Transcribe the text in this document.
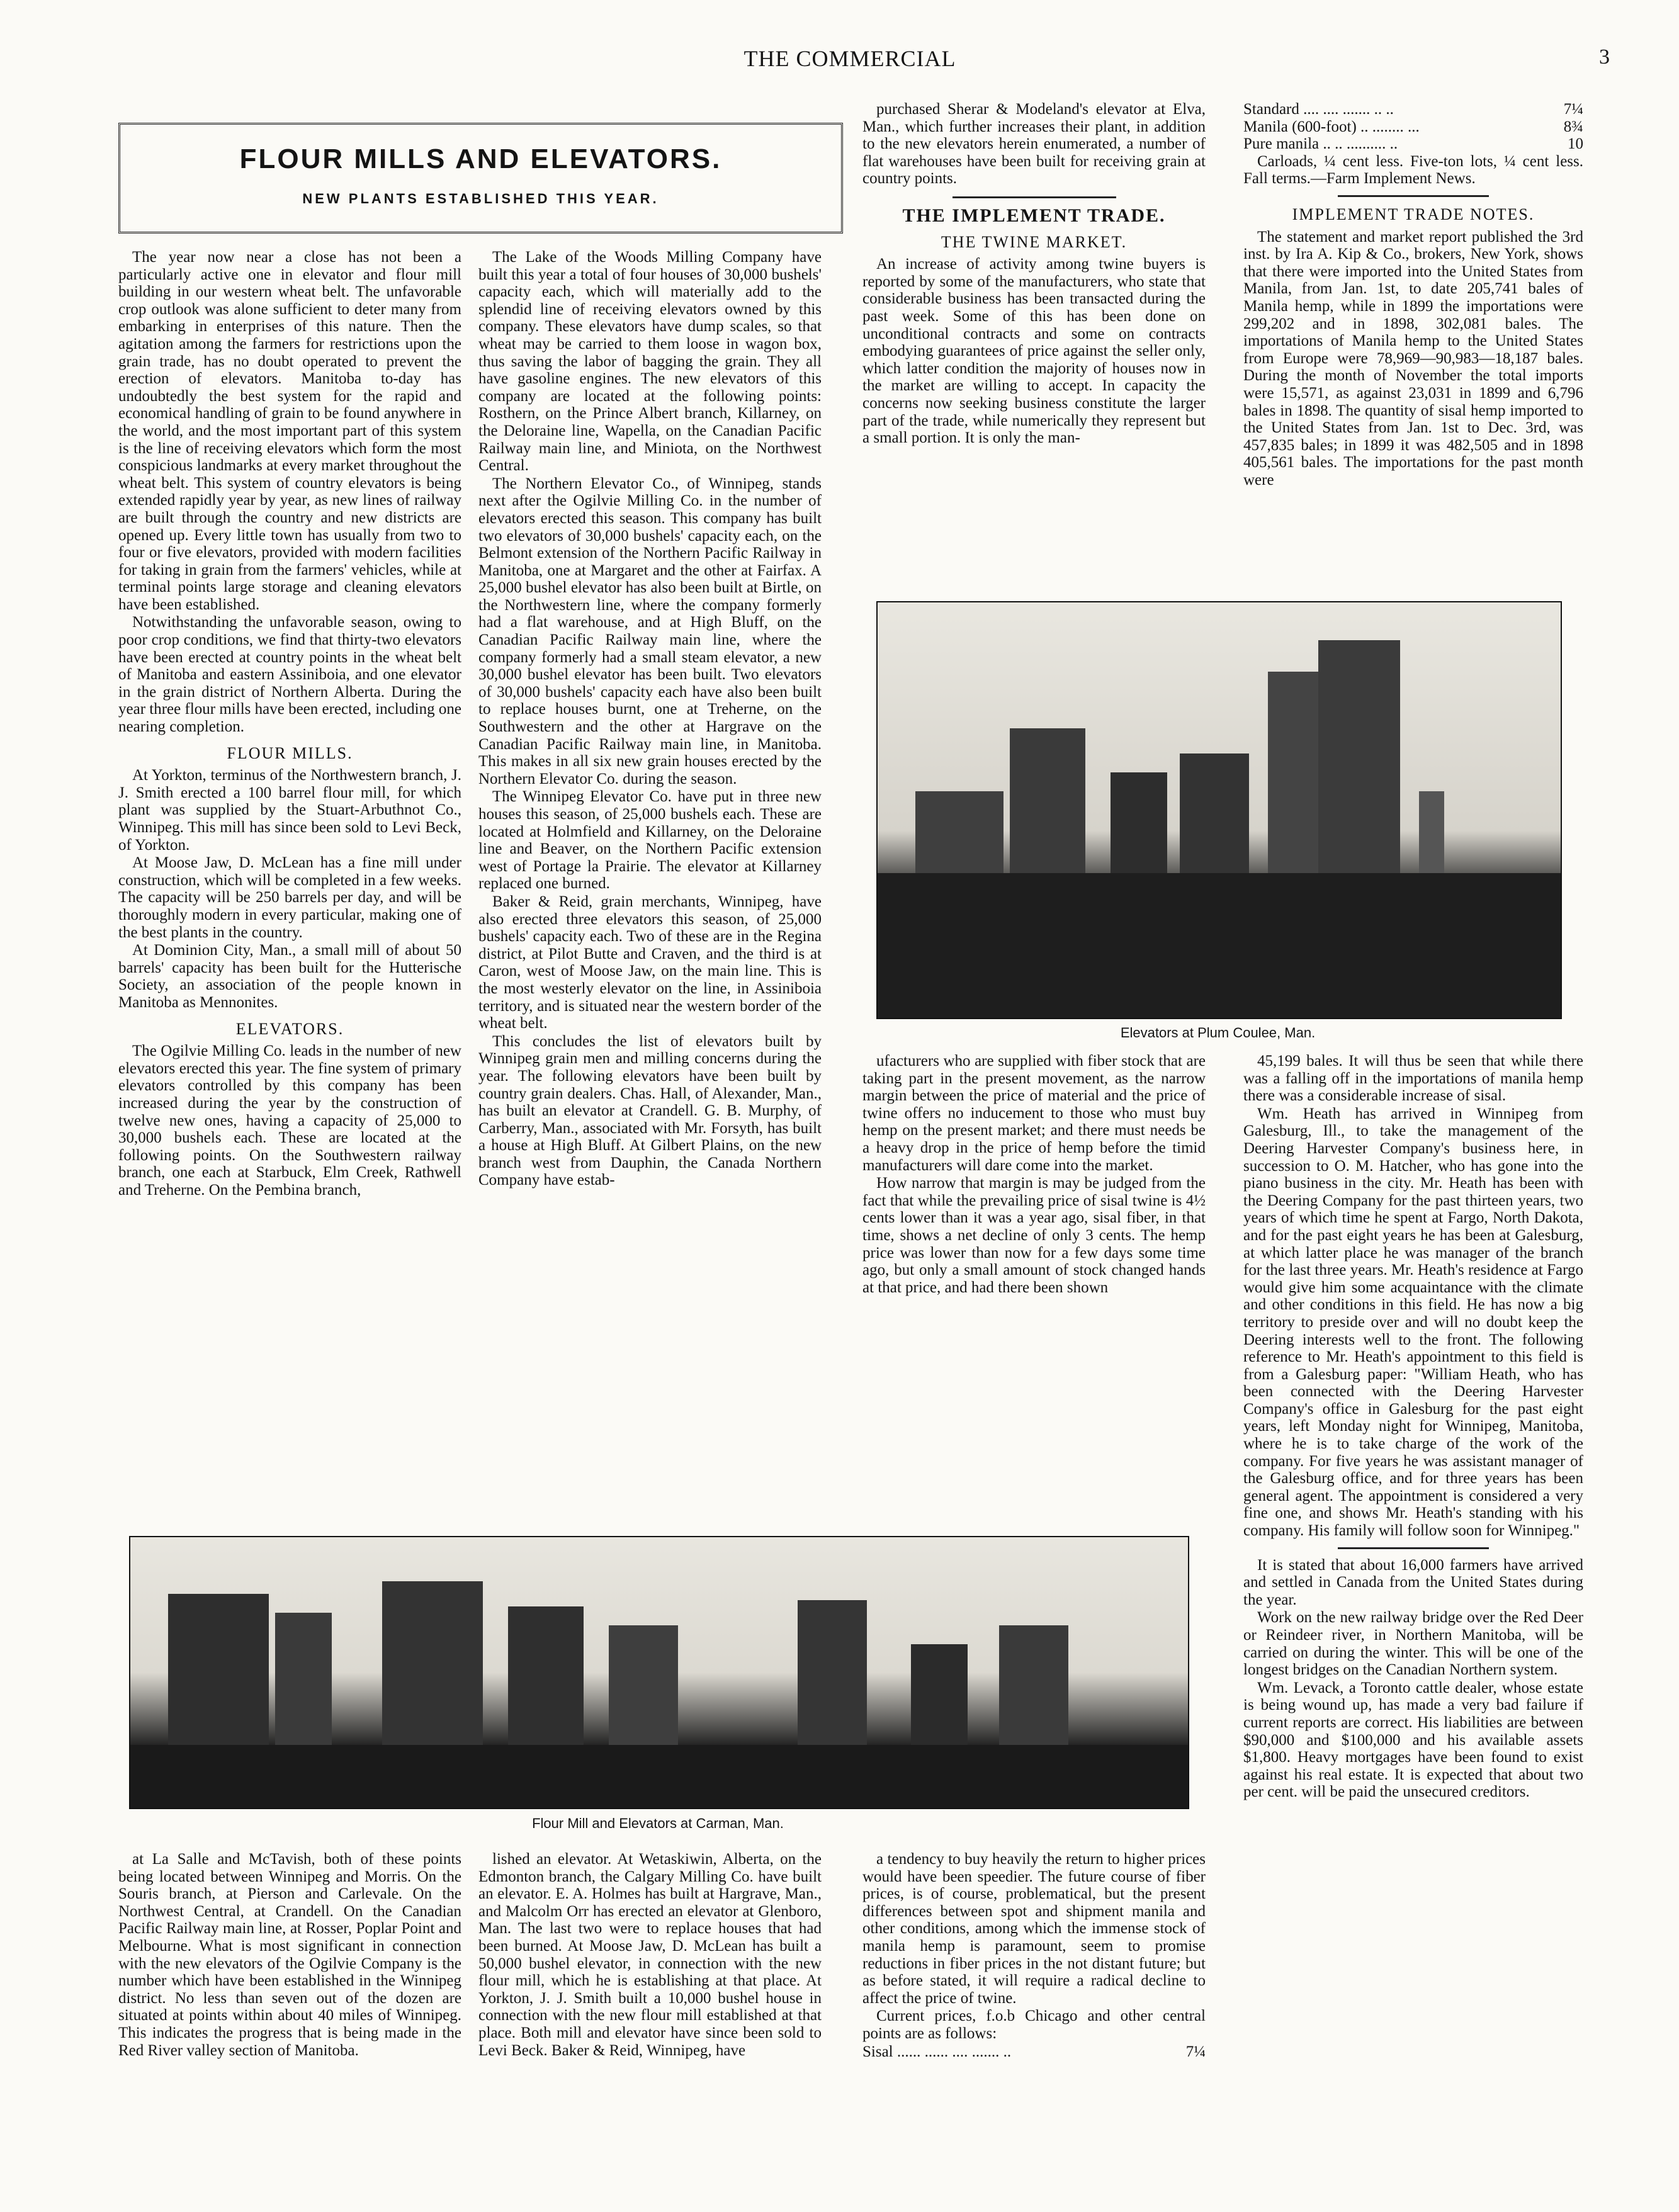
THE COMMERCIAL	3
FLOUR MILLS AND ELEVATORS.
NEW PLANTS ESTABLISHED THIS YEAR.

The year now near a close has not been a particularly active one in elevator and flour mill building in our western wheat belt. The unfavorable crop outlook was alone sufficient to deter many from embarking in enterprises of this nature. Then the agitation among the farmers for restrictions upon the grain trade, has no doubt operated to prevent the erection of elevators. Manitoba to-day has undoubtedly the best system for the rapid and economical handling of grain to be found anywhere in the world, and the most important part of this system is the line of receiving elevators which form the most conspicious landmarks at every market throughout the wheat belt. This system of country elevators is being extended rapidly year by year, as new lines of railway are built through the country and new districts are opened up. Every little town has usually from two to four or five elevators, provided with modern facilities for taking in grain from the farmers' vehicles, while at terminal points large storage and cleaning elevators have been established.

Notwithstanding the unfavorable season, owing to poor crop conditions, we find that thirty-two elevators have been erected at country points in the wheat belt of Manitoba and eastern Assiniboia, and one elevator in the grain district of Northern Alberta. During the year three flour mills have been erected, including one nearing completion.

FLOUR MILLS.

At Yorkton, terminus of the Northwestern branch, J. J. Smith erected a 100 barrel flour mill, for which plant was supplied by the Stuart-Arbuthnot Co., Winnipeg. This mill has since been sold to Levi Beck, of Yorkton.

At Moose Jaw, D. McLean has a fine mill under construction, which will be completed in a few weeks. The capacity will be 250 barrels per day, and will be thoroughly modern in every particular, making one of the best plants in the country.

At Dominion City, Man., a small mill of about 50 barrels' capacity has been built for the Hutterische Society, an association of the people known in Manitoba as Mennonites.

ELEVATORS.

The Ogilvie Milling Co. leads in the number of new elevators erected this year. The fine system of primary elevators controlled by this company has been increased during the year by the construction of twelve new ones, having a capacity of 25,000 to 30,000 bushels each. These are located at the following points. On the Southwestern railway branch, one each at Starbuck, Elm Creek, Rathwell and Treherne. On the Pembina branch,

The Lake of the Woods Milling Company have built this year a total of four houses of 30,000 bushels' capacity each, which will materially add to the splendid line of receiving elevators owned by this company. These elevators have dump scales, so that wheat may be carried to them loose in wagon box, thus saving the labor of bagging the grain. They all have gasoline engines. The new elevators of this company are located at the following points: Rosthern, on the Prince Albert branch, Killarney, on the Deloraine line, Wapella, on the Canadian Pacific Railway main line, and Miniota, on the Northwest Central.

The Northern Elevator Co., of Winnipeg, stands next after the Ogilvie Milling Co. in the number of elevators erected this season. This company has built two elevators of 30,000 bushels' capacity each, on the Belmont extension of the Northern Pacific Railway in Manitoba, one at Margaret and the other at Fairfax. A 25,000 bushel elevator has also been built at Birtle, on the Northwestern line, where the company formerly had a flat warehouse, and at High Bluff, on the Canadian Pacific Railway main line, where the company formerly had a small steam elevator, a new 30,000 bushel elevator has been built. Two elevators of 30,000 bushels' capacity each have also been built to replace houses burnt, one at Treherne, on the Southwestern and the other at Hargrave on the Canadian Pacific Railway main line, in Manitoba. This makes in all six new grain houses erected by the Northern Elevator Co. during the season.

The Winnipeg Elevator Co. have put in three new houses this season, of 25,000 bushels each. These are located at Holmfield and Killarney, on the Deloraine line and Beaver, on the Northern Pacific extension west of Portage la Prairie. The elevator at Killarney replaced one burned.

Baker & Reid, grain merchants, Winnipeg, have also erected three elevators this season, of 25,000 bushels' capacity each. Two of these are in the Regina district, at Pilot Butte and Craven, and the third is at Caron, west of Moose Jaw, on the main line. This is the most westerly elevator on the line, in Assiniboia territory, and is situated near the western border of the wheat belt.

This concludes the list of elevators built by Winnipeg grain men and milling concerns during the year. The following elevators have been built by country grain dealers. Chas. Hall, of Alexander, Man., has built an elevator at Crandell. G. B. Murphy, of Carberry, Man., associated with Mr. Forsyth, has built a house at High Bluff. At Gilbert Plains, on the new branch west from Dauphin, the Canada Northern Company have estab-

purchased Sherar & Modeland's elevator at Elva, Man., which further increases their plant, in addition to the new elevators herein enumerated, a number of flat warehouses have been built for receiving grain at country points.

THE IMPLEMENT TRADE.
THE TWINE MARKET.

An increase of activity among twine buyers is reported by some of the manufacturers, who state that considerable business has been transacted during the past week. Some of this has been done on unconditional contracts and some on contracts embodying guarantees of price against the seller only, which latter condition the majority of houses now in the market are willing to accept. In capacity the concerns now seeking business constitute the larger part of the trade, while numerically they represent but a small portion. It is only the man-

Standard .... .... ....... .. ..	7¼
Manila (600-foot) .. ........ ...	8¾
Pure manila .. .. .......... ..	10

Carloads, ¼ cent less. Five-ton lots, ¼ cent less. Fall terms.—Farm Implement News.

IMPLEMENT TRADE NOTES.

The statement and market report published the 3rd inst. by Ira A. Kip & Co., brokers, New York, shows that there were imported into the United States from Manila, from Jan. 1st, to date 205,741 bales of Manila hemp, while in 1899 the importations were 299,202 and in 1898, 302,081 bales. The importations of Manila hemp to the United States from Europe were 78,969—90,983—18,187 bales. During the month of November the total imports were 15,571, as against 23,031 in 1899 and 6,796 bales in 1898. The quantity of sisal hemp imported to the United States from Jan. 1st to Dec. 3rd, was 457,835 bales; in 1899 it was 482,505 and in 1898 405,561 bales. The importations for the past month were

Elevators at Plum Coulee, Man.

ufacturers who are supplied with fiber stock that are taking part in the present movement, as the narrow margin between the price of material and the price of twine offers no inducement to those who must buy hemp on the present market; and there must needs be a heavy drop in the price of hemp before the timid manufacturers will dare come into the market.

How narrow that margin is may be judged from the fact that while the prevailing price of sisal twine is 4½ cents lower than it was a year ago, sisal fiber, in that time, shows a net decline of only 3 cents. The hemp price was lower than now for a few days some time ago, but only a small amount of stock changed hands at that price, and had there been shown

45,199 bales. It will thus be seen that while there was a falling off in the importations of manila hemp there was a considerable increase of sisal.

Wm. Heath has arrived in Winnipeg from Galesburg, Ill., to take the management of the Deering Harvester Company's business here, in succession to O. M. Hatcher, who has gone into the piano business in the city. Mr. Heath has been with the Deering Company for the past thirteen years, two years of which time he spent at Fargo, North Dakota, and for the past eight years he has been at Galesburg, at which latter place he was manager of the branch for the last three years. Mr. Heath's residence at Fargo would give him some acquaintance with the climate and other conditions in this field. He has now a big territory to preside over and will no doubt keep the Deering interests well to the front. The following reference to Mr. Heath's appointment to this field is from a Galesburg paper: "William Heath, who has been connected with the Deering Harvester Company's office in Galesburg for the past eight years, left Monday night for Winnipeg, Manitoba, where he is to take charge of the work of the company. For five years he was assistant manager of the Galesburg office, and for three years has been general agent. The appointment is considered a very fine one, and shows Mr. Heath's standing with his company. His family will follow soon for Winnipeg."

It is stated that about 16,000 farmers have arrived and settled in Canada from the United States during the year.

Work on the new railway bridge over the Red Deer or Reindeer river, in Northern Manitoba, will be carried on during the winter. This will be one of the longest bridges on the Canadian Northern system.

Wm. Levack, a Toronto cattle dealer, whose estate is being wound up, has made a very bad failure if current reports are correct. His liabilities are between $90,000 and $100,000 and his available assets $1,800. Heavy mortgages have been found to exist against his real estate. It is expected that about two per cent. will be paid the unsecured creditors.

Flour Mill and Elevators at Carman, Man.

at La Salle and McTavish, both of these points being located between Winnipeg and Morris. On the Souris branch, at Pierson and Carlevale. On the Northwest Central, at Crandell. On the Canadian Pacific Railway main line, at Rosser, Poplar Point and Melbourne. What is most significant in connection with the new elevators of the Ogilvie Company is the number which have been established in the Winnipeg district. No less than seven out of the dozen are situated at points within about 40 miles of Winnipeg. This indicates the progress that is being made in the Red River valley section of Manitoba.

lished an elevator. At Wetaskiwin, Alberta, on the Edmonton branch, the Calgary Milling Co. have built an elevator. E. A. Holmes has built at Hargrave, Man., and Malcolm Orr has erected an elevator at Glenboro, Man. The last two were to replace houses that had been burned. At Moose Jaw, D. McLean has built a 50,000 bushel elevator, in connection with the new flour mill, which he is establishing at that place. At Yorkton, J. J. Smith built a 10,000 bushel house in connection with the new flour mill established at that place. Both mill and elevator have since been sold to Levi Beck. Baker & Reid, Winnipeg, have

a tendency to buy heavily the return to higher prices would have been speedier. The future course of fiber prices, is of course, problematical, but the present differences between spot and shipment manila and other conditions, among which the immense stock of manila hemp is paramount, seem to promise reductions in fiber prices in the not distant future; but as before stated, it will require a radical decline to affect the price of twine.

Current prices, f.o.b Chicago and other central points are as follows:

Sisal ...... ...... .... ....... ..	7¼
